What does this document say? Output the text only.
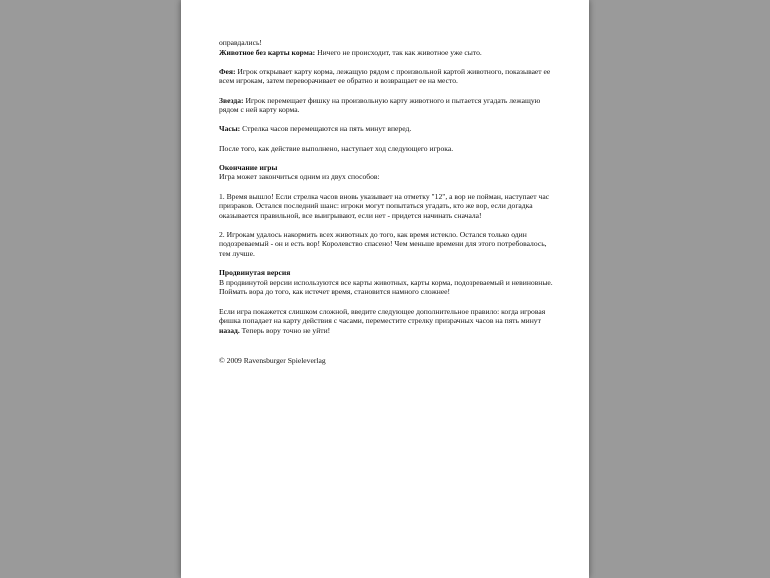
оправдались!

Животное без карты корма: Ничего не происходит, так как животное уже сыто.

Фея: Игрок открывает карту корма, лежащую рядом с произвольной картой животного, показывает ее всем игрокам, затем переворачивает ее обратно и возвращает ее на место.

Звезда: Игрок перемещает фишку на произвольную карту животного и пытается угадать лежащую рядом с ней карту корма.

Часы: Стрелка часов перемещаются на пять минут вперед.

После того, как действие выполнено, наступает ход следующего игрока.

Окончание игры

Игра может закончиться одним из двух способов:

1. Время вышло! Если стрелка часов вновь указывает на отметку "12", а вор не пойман, наступает час призраков. Остался последний шанс: игроки могут попытаться угадать, кто же вор, если догадка оказывается правильной, все выигрывают, если нет - придется начинать сначала!

2. Игрокам удалось накормить всех животных до того, как время истекло. Остался только один подозреваемый - он и есть вор! Королевство спасено! Чем меньше времени для этого потребовалось, тем лучше.

Продвинутая версия

В продвинутой версии используются все карты животных, карты корма, подозреваемый и невиновные. Поймать вора до того, как истечет время, становится намного сложнее!

Если игра покажется слишком сложной, введите следующее дополнительное правило: когда игровая фишка попадает на карту действия с часами, переместите стрелку призрачных часов на пять минут назад. Теперь вору точно не уйти!

© 2009 Ravensburger Spieleverlag
